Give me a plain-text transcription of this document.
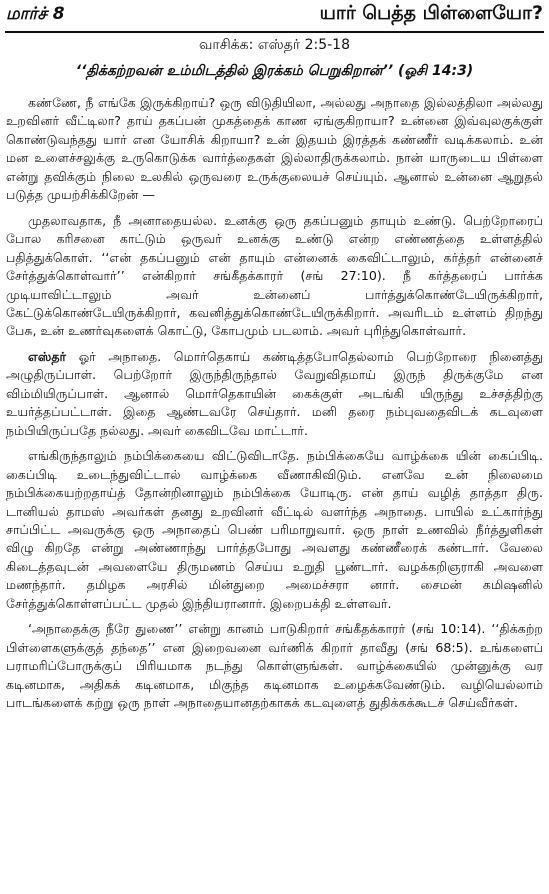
மார்ச் 8	யார் பெத்த பிள்ளையோ?
வாசிக்க: எஸ்தர் 2:5-18
‘‘திக்கற்றவன் உம்மிடத்தில் இரக்கம் பெறுகிறான்’’ (ஓசி 14:3)

கண்ணே, நீ எங்கே இருக்கிறாய்? ஒரு விடுதியிலா, அல்லது அநாதை இல்லத்திலா அல்லது உறவினர் வீட்டிலா? தாய் தகப்பன் முகத்தைக் காண ஏங்குகிறாயா? உன்னை இவ்வுலகுக்குள் கொண்டுவந்தது யார் என யோசிக் கிறாயா? உன் இதயம் இரத்தக் கண்ணீர் வடிக்கலாம். உன் மன உளைச்சலுக்கு உருகொடுக்க வார்த்தைகள் இல்லாதிருக்கலாம். நான் யாருடைய பிள்ளை என்று தவிக்கும் நிலை உலகில் ஒருவரை உருக்குலையச் செய்யும். ஆனால் உன்னை ஆறுதல் படுத்த முயற்சிக்கிறேன் —

முதலாவதாக, நீ அனாதையல்ல. உனக்கு ஒரு தகப்பனும் தாயும் உண்டு. பெற்றோரைப் போல கரிசனை காட்டும் ஒருவர் உனக்கு உண்டு என்ற எண்ணத்தை உள்ளத்தில் பதித்துக்கொள். ‘‘என் தகப்பனும் என் தாயும் என்னைக் கைவிட்டாலும், கர்த்தர் என்னைச் சேர்த்துக்கொள்வார்’’ என்கிறார் சங்கீதக்காரர் (சங் 27:10). நீ கர்த்தரைப் பார்க்க முடியாவிட்டாலும் அவர் உன்னைப் பார்த்துக்கொண்டேயிருக்கிறார், கேட்டுக்கொண்டேயிருக்கிறார், கவனித்துக்கொண்டேயிருக்கிறார். அவரிடம் உள்ளம் திறந்து பேசு, உன் உணர்வுகளைக் கொட்டு, கோபமும் படலாம். அவர் புரிந்துகொள்வார்.

எஸ்தர் ஓர் அநாதை. மொர்தெகாய் கண்டித்தபோதெல்லாம் பெற்றோரை நினைத்து அழுதிருப்பாள். பெற்றோர் இருந்திருந்தால் வேறுவிதமாய் இருந் திருக்குமே என விம்மியிருப்பாள். ஆனால் மொர்தெகாயின் கைக்குள் அடங்கி யிருந்து உச்சத்திற்கு உயர்த்தப்பட்டாள். இதை ஆண்டவரே செய்தார். மனி தரை நம்புவதைவிடக் கடவுளை நம்பியிருப்பதே நல்லது. அவர் கைவிடவே மாட்டார்.

எங்கிருந்தாலும் நம்பிக்கையை விட்டுவிடாதே. நம்பிக்கையே வாழ்க்கை யின் கைப்பிடி. கைப்பிடி உடைந்துவிட்டால் வாழ்க்கை வீணாகிவிடும். எனவே உன் நிலைமை நம்பிக்கையற்றதாய்த் தோன்றினாலும் நம்பிக்கை யோடிரு. என் தாய் வழித் தாத்தா திரு. டானியல் தாமஸ் அவர்கள் தனது உறவினர் வீட்டில் வளர்ந்த அநாதை. பாயில் உட்கார்ந்து சாப்பிட்ட அவருக்கு ஒரு அநாதைப் பெண் பரிமாறுவார். ஒரு நாள் உணவில் நீர்த்துளிகள் விழு கிறதே என்று அண்ணாந்து பார்த்தபோது அவளது கண்ணீரைக் கண்டார். வேலை கிடைத்தவுடன் அவளையே திருமணம் செய்ய உறுதி பூண்டார். வழக்கறிஞராகி அவளை மணந்தார். தமிழக அரசில் மின்துறை அமைச்சரா னார். சைமன் கமிஷனில் சேர்த்துக்கொள்ளப்பட்ட முதல் இந்தியரானார். இறைபக்தி உள்ளவர்.

‘அநாதைக்கு நீரே துணை’’ என்று கானம் பாடுகிறார் சங்கீதக்காரர் (சங் 10:14). ‘‘திக்கற்ற பிள்ளைகளுக்குத் தந்தை’’ என இறைவனை வர்ணிக் கிறார் தாவீது (சங் 68:5). உங்களைப் பராமரிப்போருக்குப் பிரியமாக நடந்து கொள்ளுங்கள். வாழ்க்கையில் முன்னுக்கு வர கடினமாக, அதிகக் கடினமாக, மிகுந்த கடினமாக உழைக்கவேண்டும். வழியெல்லாம் பாடங்களைக் கற்று ஒரு நாள் அநாதையானதற்காகக் கடவுளைத் துதிக்கக்கூடச் செய்வீர்கள்.
